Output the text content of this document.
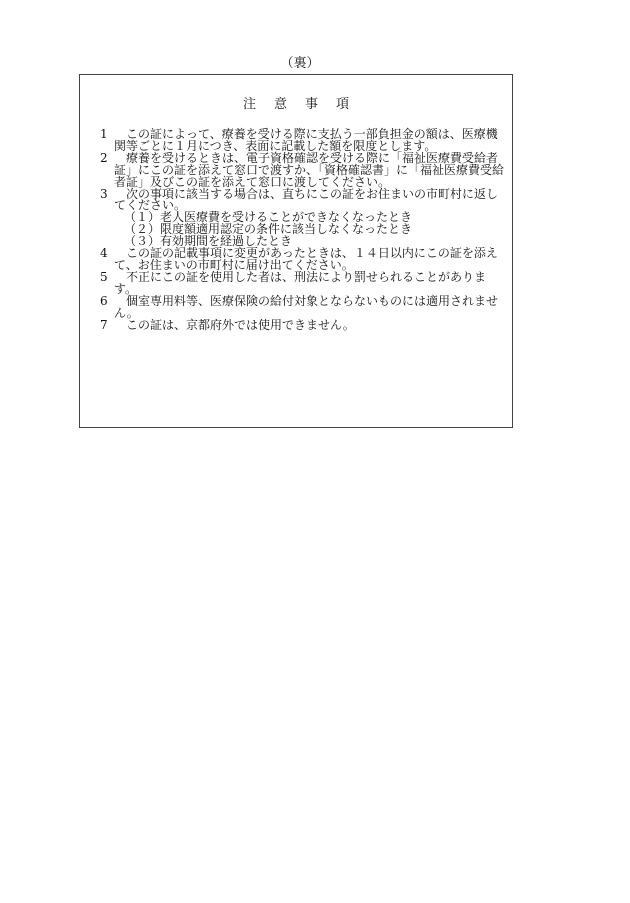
（裏）
注 意 事 項
1	この証によって、療養を受ける際に支払う一部負担金の額は、医療機関等ごとに１月につき、表面に記載した額を限度とします。
2	療養を受けるときは、電子資格確認を受ける際に「福祉医療費受給者証」にこの証を添えて窓口で渡すか、「資格確認書」に「福祉医療費受給者証」及びこの証を添えて窓口に渡してください。
3	次の事項に該当する場合は、直ちにこの証をお住まいの市町村に返してください。
（１）老人医療費を受けることができなくなったとき
（２）限度額適用認定の条件に該当しなくなったとき
（３）有効期間を経過したとき
4	この証の記載事項に変更があったときは、１４日以内にこの証を添えて、お住まいの市町村に届け出てください。
5	不正にこの証を使用した者は、刑法により罰せられることがあります。
6	個室専用料等、医療保険の給付対象とならないものには適用されません。
7	この証は、京都府外では使用できません。
